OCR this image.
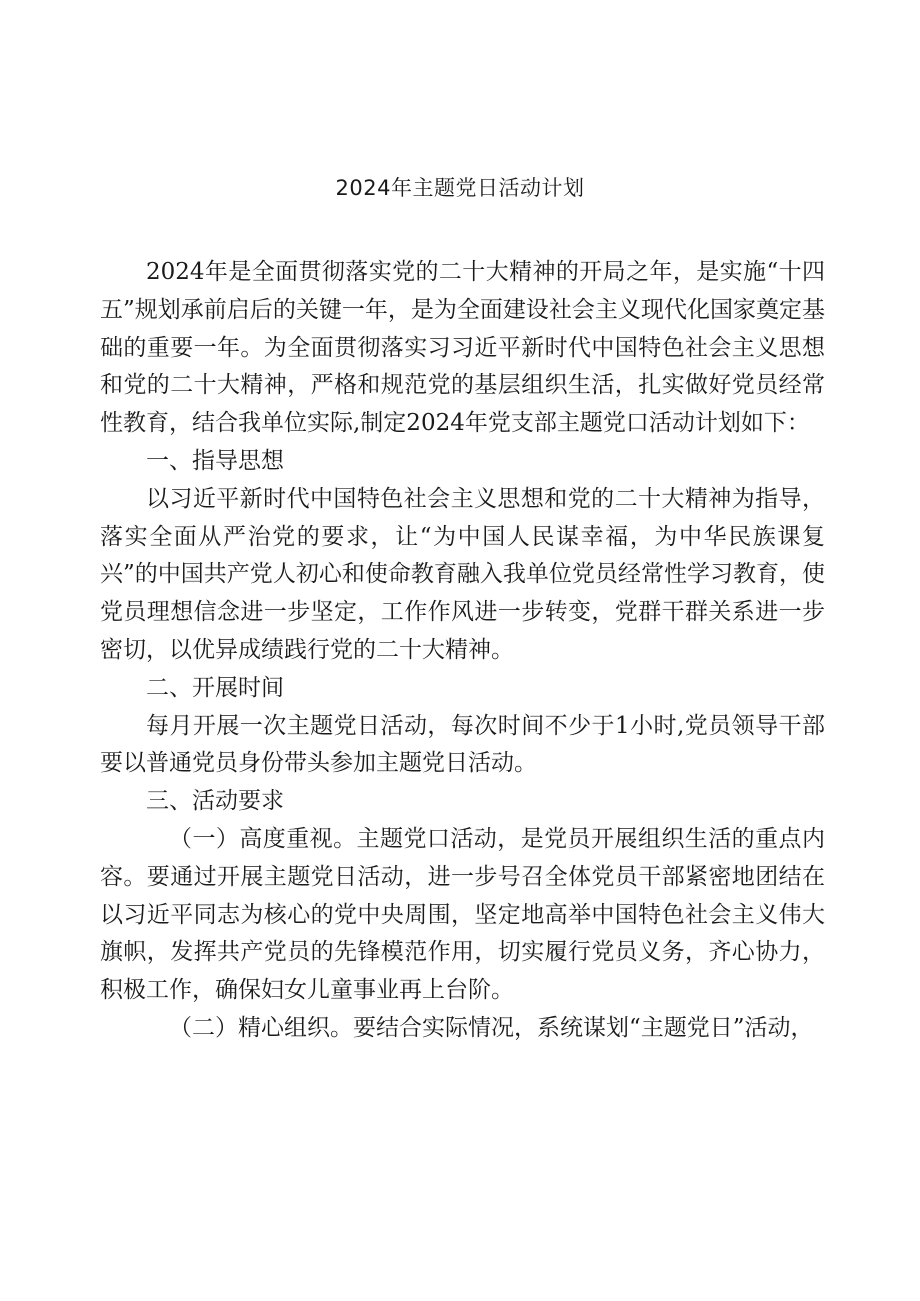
2024年主题党日活动计划

2024年是全面贯彻落实党的二十大精神的开局之年，是实施“十四五”规划承前启后的关键一年，是为全面建设社会主义现代化国家奠定基础的重要一年。为全面贯彻落实习习近平新时代中国特色社会主义思想和党的二十大精神，严格和规范党的基层组织生活，扎实做好党员经常性教育，结合我单位实际,制定2024年党支部主题党口活动计划如下：

一、指导思想

以习近平新时代中国特色社会主义思想和党的二十大精神为指导，落实全面从严治党的要求，让“为中国人民谋幸福，为中华民族课复兴”的中国共产党人初心和使命教育融入我单位党员经常性学习教育，使党员理想信念进一步坚定，工作作风进一步转变，党群干群关系进一步密切，以优异成绩践行党的二十大精神。

二、开展时间

每月开展一次主题党日活动，每次时间不少于1小时,党员领导干部要以普通党员身份带头参加主题党日活动。

三、活动要求

（一）高度重视。主题党口活动，是党员开展组织生活的重点内容。要通过开展主题党日活动，进一步号召全体党员干部紧密地团结在以习近平同志为核心的党中央周围，坚定地高举中国特色社会主义伟大旗帜，发挥共产党员的先锋模范作用，切实履行党员义务，齐心协力，积极工作，确保妇女儿童事业再上台阶。

（二）精心组织。要结合实际情况，系统谋划“主题党日”活动，
